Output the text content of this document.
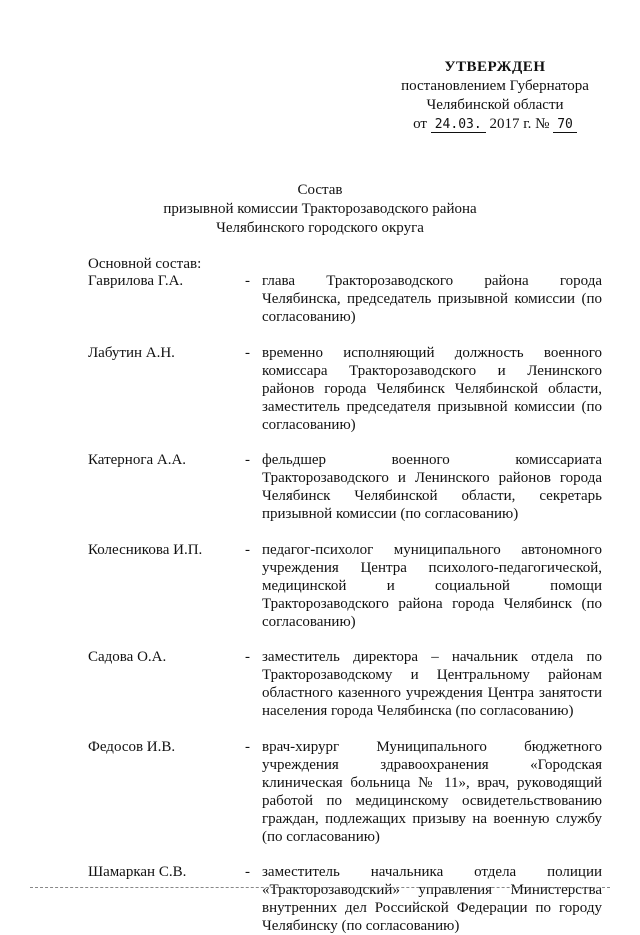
УТВЕРЖДЕН
постановлением Губернатора
Челябинской области
от 24.03. 2017 г. № 70
Состав
призывной комиссии Тракторозаводского района
Челябинского городского округа
Основной состав:
Гаврилова Г.А.	- глава Тракторозаводского района города Челябинска, председатель призывной комиссии (по согласованию)
Лабутин А.Н.	- временно исполняющий должность военного комиссара Тракторозаводского и Ленинского районов города Челябинск Челябинской области, заместитель председателя призывной комиссии (по согласованию)
Катернога А.А.	- фельдшер военного комиссариата Тракторозаводского и Ленинского районов города Челябинск Челябинской области, секретарь призывной комиссии (по согласованию)
Колесникова И.П.	- педагог-психолог муниципального автономного учреждения Центра психолого-педагогической, медицинской и социальной помощи Тракторозаводского района города Челябинск (по согласованию)
Садова О.А.	- заместитель директора – начальник отдела по Тракторозаводскому и Центральному районам областного казенного учреждения Центра занятости населения города Челябинска (по согласованию)
Федосов И.В.	- врач-хирург Муниципального бюджетного учреждения здравоохранения «Городская клиническая больница № 11», врач, руководящий работой по медицинскому освидетельствованию граждан, подлежащих призыву на военную службу (по согласованию)
Шамаркан С.В.	- заместитель начальника отдела полиции «Тракторозаводский» управления Министерства внутренних дел Российской Федерации по городу Челябинску (по согласованию)
